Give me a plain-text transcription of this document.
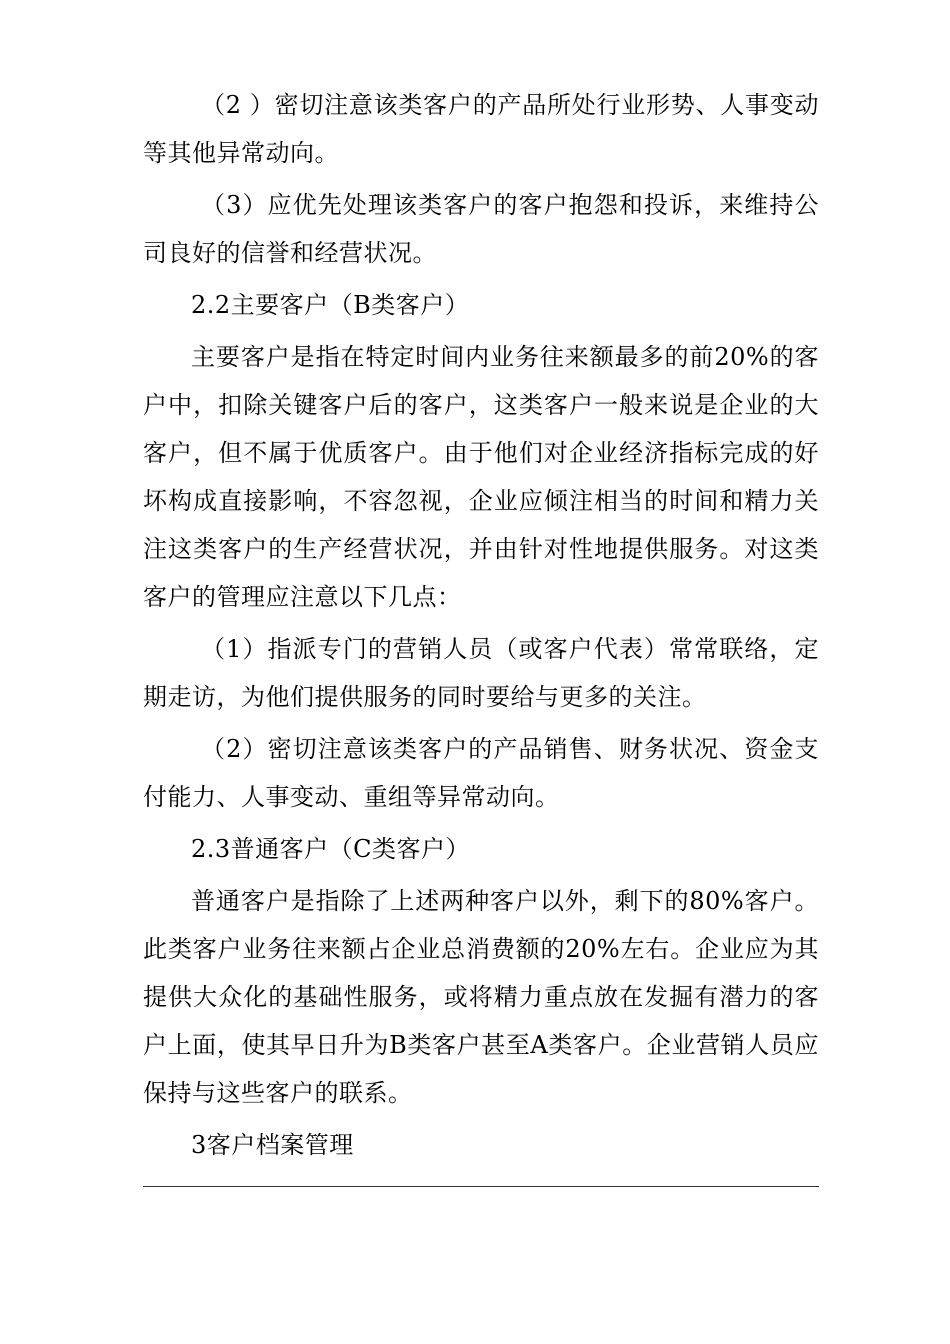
（2 ）密切注意该类客户的产品所处行业形势、人事变动等其他异常动向。

（3）应优先处理该类客户的客户抱怨和投诉，来维持公司良好的信誉和经营状况。

2.2主要客户（B类客户）

主要客户是指在特定时间内业务往来额最多的前20%的客户中，扣除关键客户后的客户，这类客户一般来说是企业的大客户，但不属于优质客户。由于他们对企业经济指标完成的好坏构成直接影响，不容忽视，企业应倾注相当的时间和精力关注这类客户的生产经营状况，并由针对性地提供服务。对这类客户的管理应注意以下几点：

（1）指派专门的营销人员（或客户代表）常常联络，定期走访，为他们提供服务的同时要给与更多的关注。

（2）密切注意该类客户的产品销售、财务状况、资金支付能力、人事变动、重组等异常动向。

2.3普通客户（C类客户）

普通客户是指除了上述两种客户以外，剩下的80%客户。此类客户业务往来额占企业总消费额的20%左右。企业应为其提供大众化的基础性服务，或将精力重点放在发掘有潜力的客户上面，使其早日升为B类客户甚至A类客户。企业营销人员应保持与这些客户的联系。

3客户档案管理
